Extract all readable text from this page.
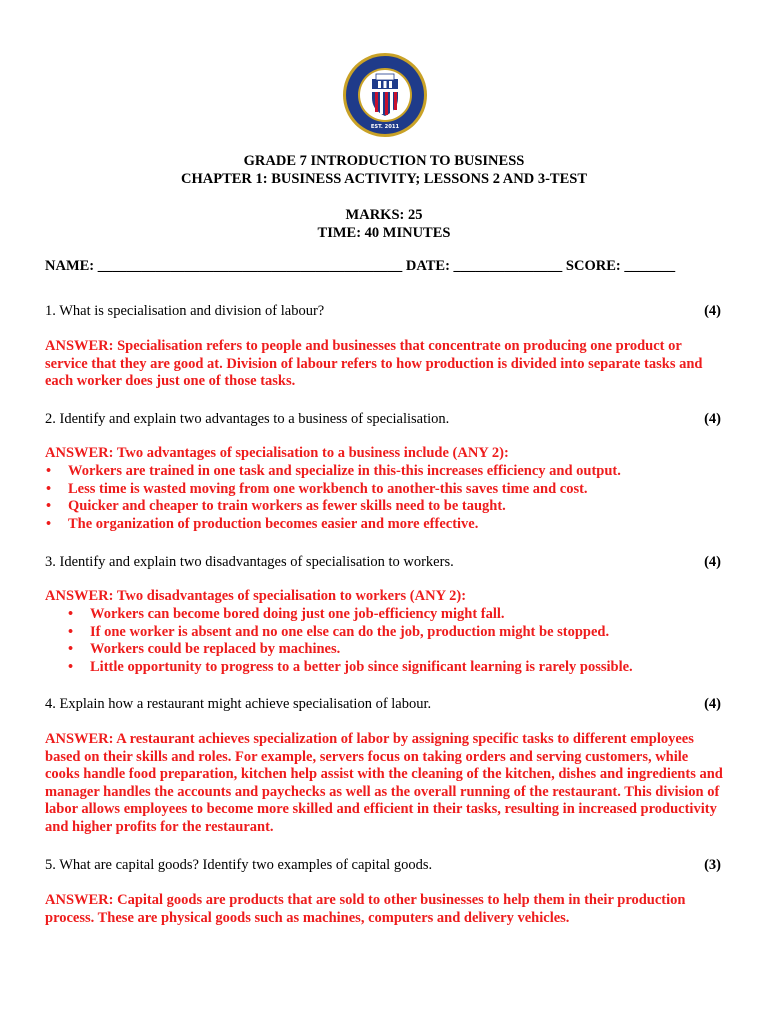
AMERICAN STANDARD INTERNATIONAL SCHOOL
EST. 2011
GRADE 7 INTRODUCTION TO BUSINESS
CHAPTER 1: BUSINESS ACTIVITY; LESSONS 2 AND 3-TEST
MARKS: 25
TIME: 40 MINUTES
NAME: __________________________________________ DATE: _______________ SCORE: _______
1. What is specialisation and division of labour?	(4)
ANSWER: Specialisation refers to people and businesses that concentrate on producing one product or service that they are good at. Division of labour refers to how production is divided into separate tasks and each worker does just one of those tasks.
2. Identify and explain two advantages to a business of specialisation.	(4)
ANSWER: Two advantages of specialisation to a business include (ANY 2):
• Workers are trained in one task and specialize in this-this increases efficiency and output.
• Less time is wasted moving from one workbench to another-this saves time and cost.
• Quicker and cheaper to train workers as fewer skills need to be taught.
• The organization of production becomes easier and more effective.
3. Identify and explain two disadvantages of specialisation to workers.	(4)
ANSWER: Two disadvantages of specialisation to workers (ANY 2):
• Workers can become bored doing just one job-efficiency might fall.
• If one worker is absent and no one else can do the job, production might be stopped.
• Workers could be replaced by machines.
• Little opportunity to progress to a better job since significant learning is rarely possible.
4. Explain how a restaurant might achieve specialisation of labour.	(4)
ANSWER: A restaurant achieves specialization of labor by assigning specific tasks to different employees based on their skills and roles. For example, servers focus on taking orders and serving customers, while cooks handle food preparation, kitchen help assist with the cleaning of the kitchen, dishes and ingredients and manager handles the accounts and paychecks as well as the overall running of the restaurant. This division of labor allows employees to become more skilled and efficient in their tasks, resulting in increased productivity and higher profits for the restaurant.
5. What are capital goods? Identify two examples of capital goods.	(3)
ANSWER: Capital goods are products that are sold to other businesses to help them in their production process. These are physical goods such as machines, computers and delivery vehicles.
